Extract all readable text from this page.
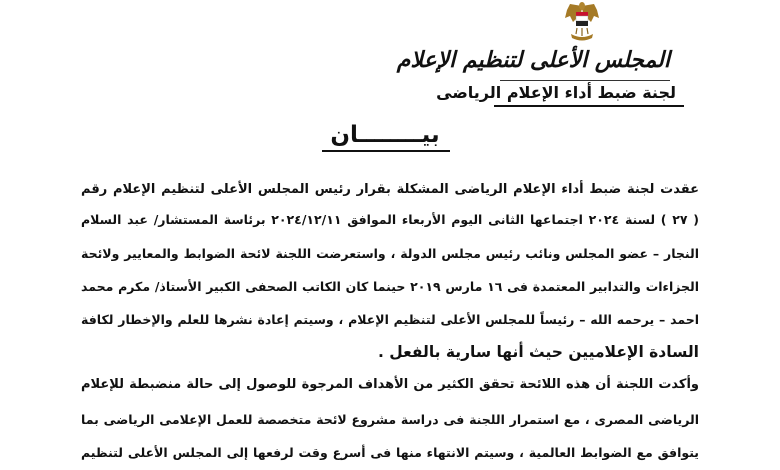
المجلس الأعلى لتنظيم الإعلام
لجنة ضبط أداء الإعلام الرياضى
بيــــــــان
عقدت لجنة ضبط أداء الإعلام الرياضى المشكلة بقرار رئيس المجلس الأعلى لتنظيم الإعلام رقم
( ٢٧ ) لسنة ٢٠٢٤ اجتماعها الثانى اليوم الأربعاء الموافق ٢٠٢٤/١٢/١١ برئاسة المستشار/ عبد السلام
النجار – عضو المجلس ونائب رئيس مجلس الدولة ، واستعرضت اللجنة لائحة الضوابط والمعايير ولائحة
الجزاءات والتدابير المعتمدة فى ١٦ مارس ٢٠١٩ حينما كان الكاتب الصحفى الكبير الأستاذ/ مكرم محمد
احمد – يرحمه الله – رئيساً للمجلس الأعلى لتنظيم الإعلام ، وسيتم إعادة نشرها للعلم والإخطار لكافة
السادة الإعلاميين حيث أنها سارية بالفعل .
وأكدت اللجنة أن هذه اللائحة تحقق الكثير من الأهداف المرجوة للوصول إلى حالة منضبطة للإعلام
الرياضى المصرى ، مع استمرار اللجنة فى دراسة مشروع لائحة متخصصة للعمل الإعلامى الرياضى بما
يتوافق مع الضوابط العالمية ، وسيتم الانتهاء منها فى أسرع وقت لرفعها إلى المجلس الأعلى لتنظيم
